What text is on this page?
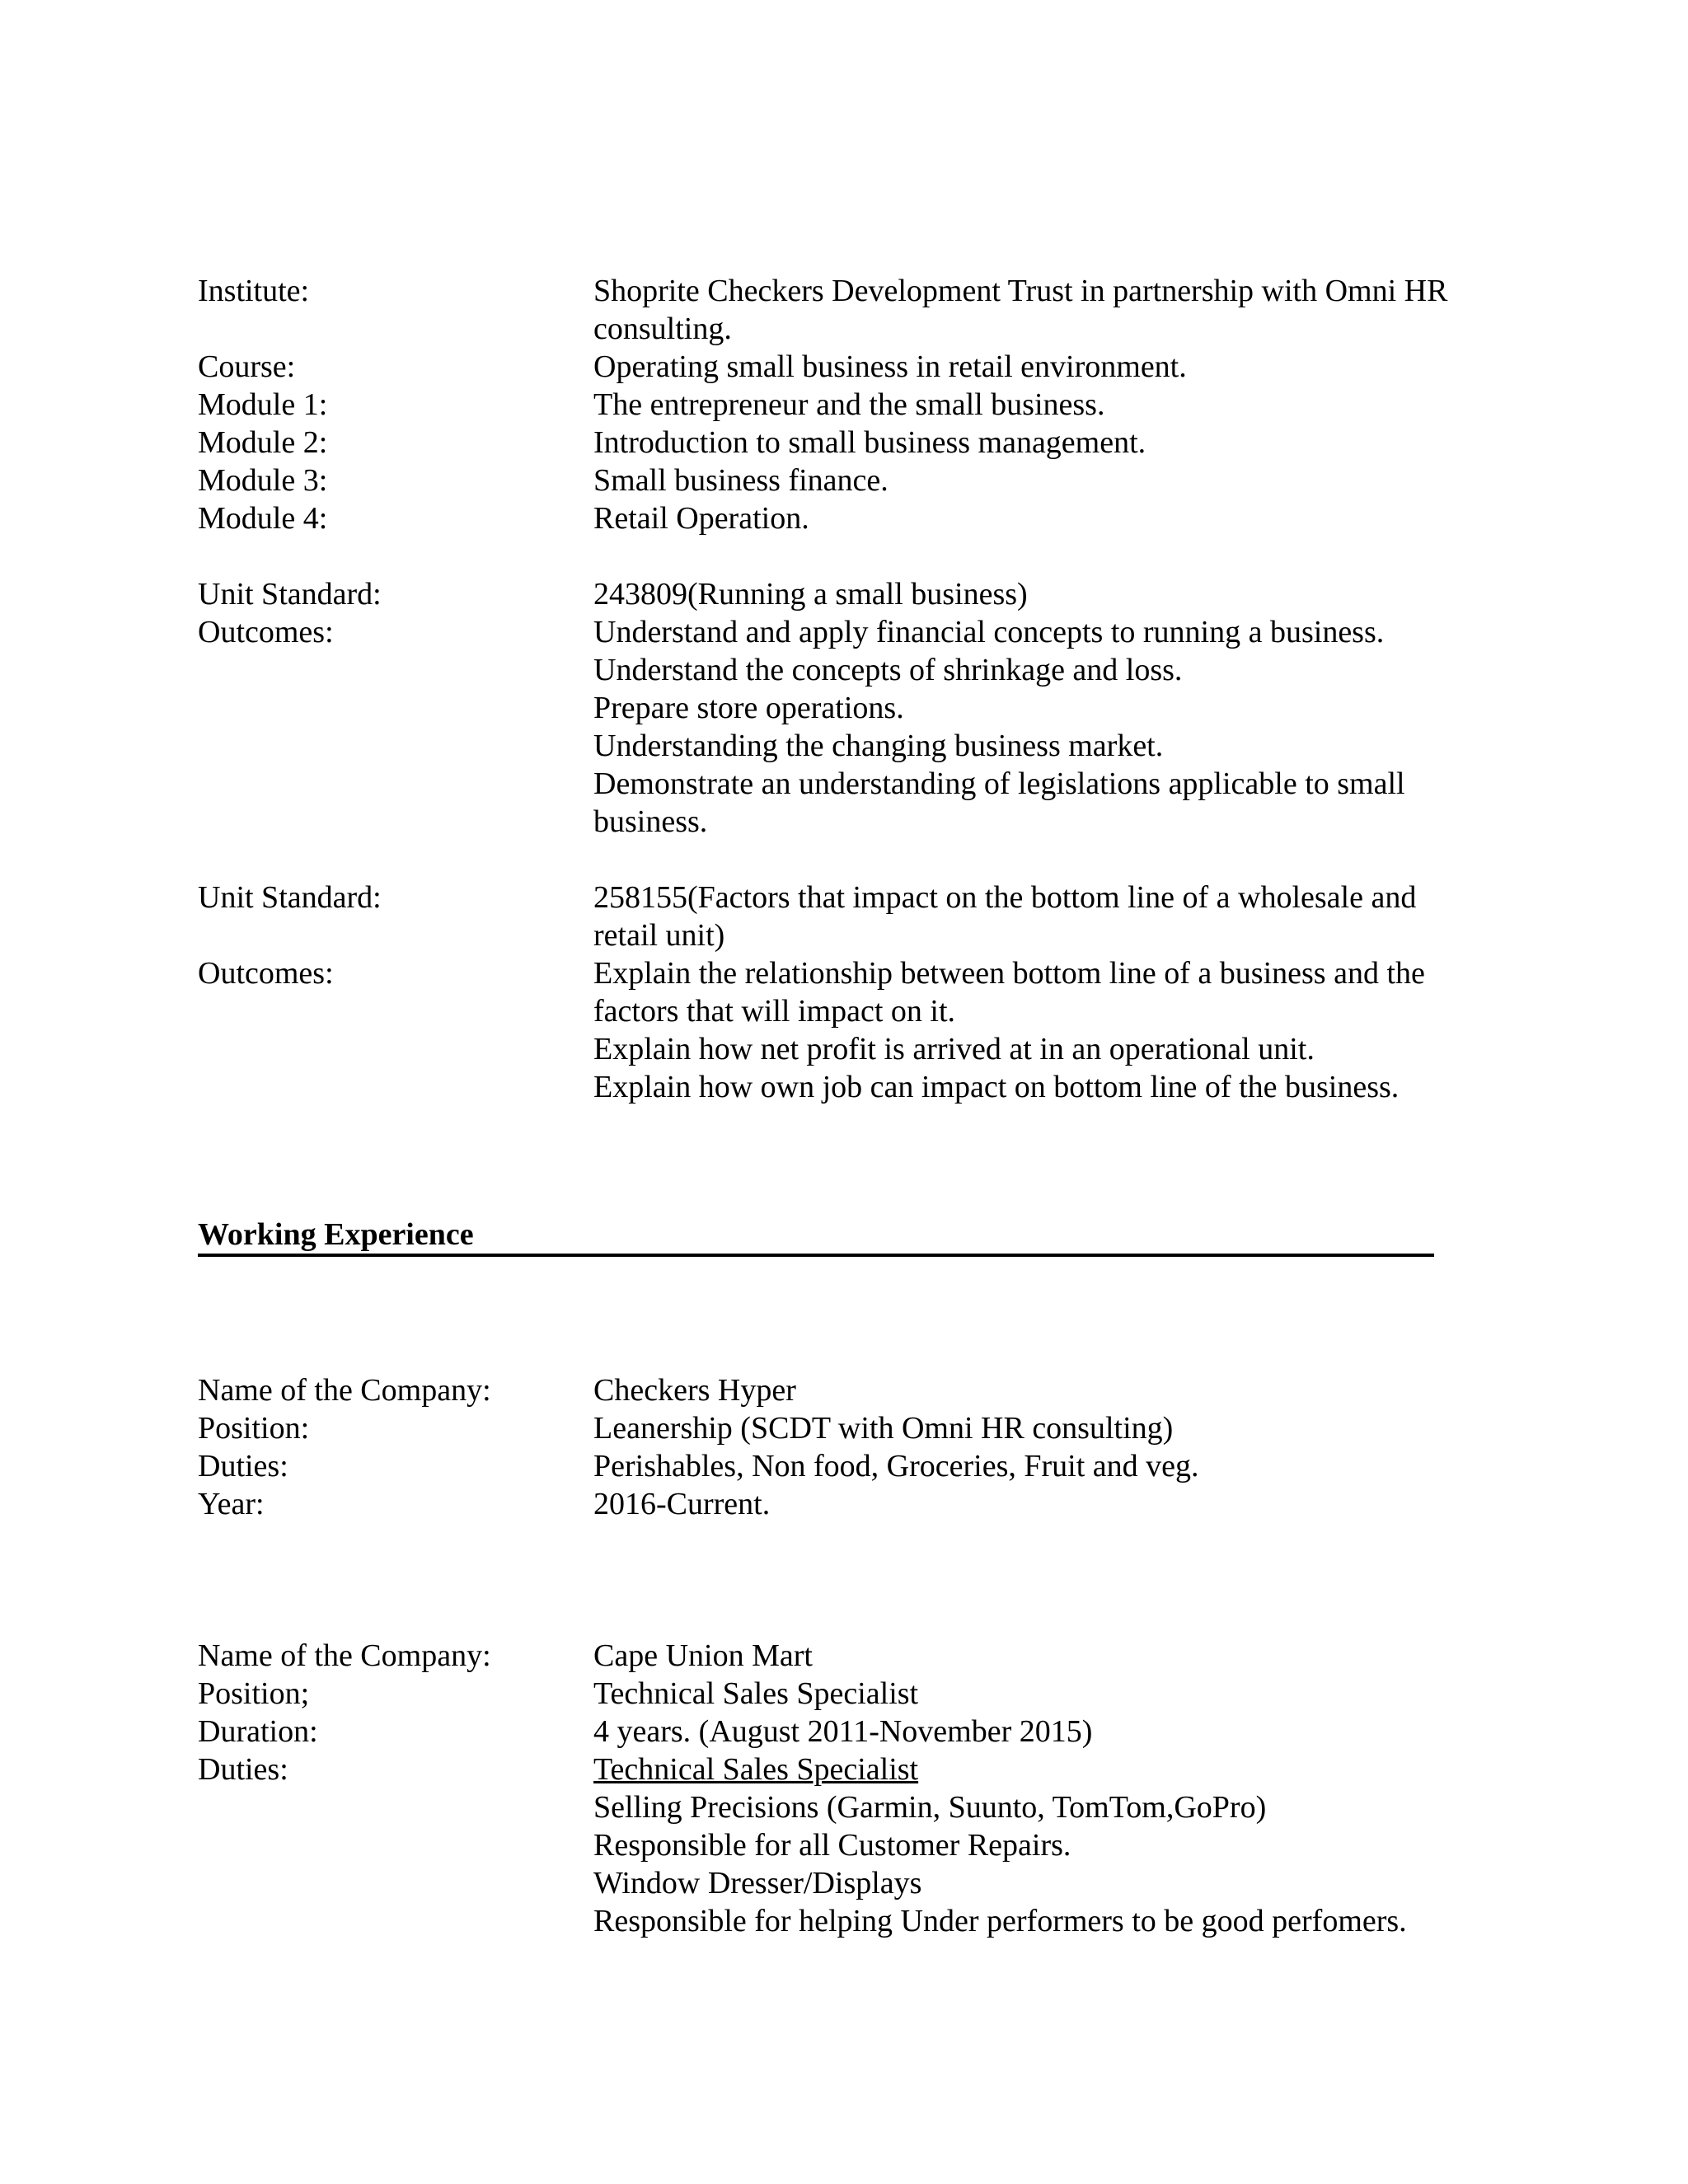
Institute:	Shoprite Checkers Development Trust in partnership with Omni HR
consulting.
Course:	Operating small business in retail environment.
Module 1:	The entrepreneur and the small business.
Module 2:	Introduction to small business management.
Module 3:	Small business finance.
Module 4:	Retail Operation.
Unit Standard:	243809(Running a small business)
Outcomes:	Understand and apply financial concepts to running a business.
Understand the concepts of shrinkage and loss.
Prepare store operations.
Understanding the changing business market.
Demonstrate an understanding of legislations applicable to small
business.
Unit Standard:	258155(Factors that impact on the bottom line of a wholesale and
retail unit)
Outcomes:	Explain the relationship between bottom line of a business and the
factors that will impact on it.
Explain how net profit is arrived at in an operational unit.
Explain how own job can impact on bottom line of the business.
Working Experience
Name of the Company:	Checkers Hyper
Position:	Leanership (SCDT with Omni HR consulting)
Duties:	Perishables, Non food, Groceries, Fruit and veg.
Year:	2016-Current.
Name of the Company:	Cape Union Mart
Position;	Technical Sales Specialist
Duration:	4 years. (August 2011-November 2015)
Duties:	Technical Sales Specialist
Selling Precisions (Garmin, Suunto, TomTom,GoPro)
Responsible for all Customer Repairs.
Window Dresser/Displays
Responsible for helping Under performers to be good perfomers.
